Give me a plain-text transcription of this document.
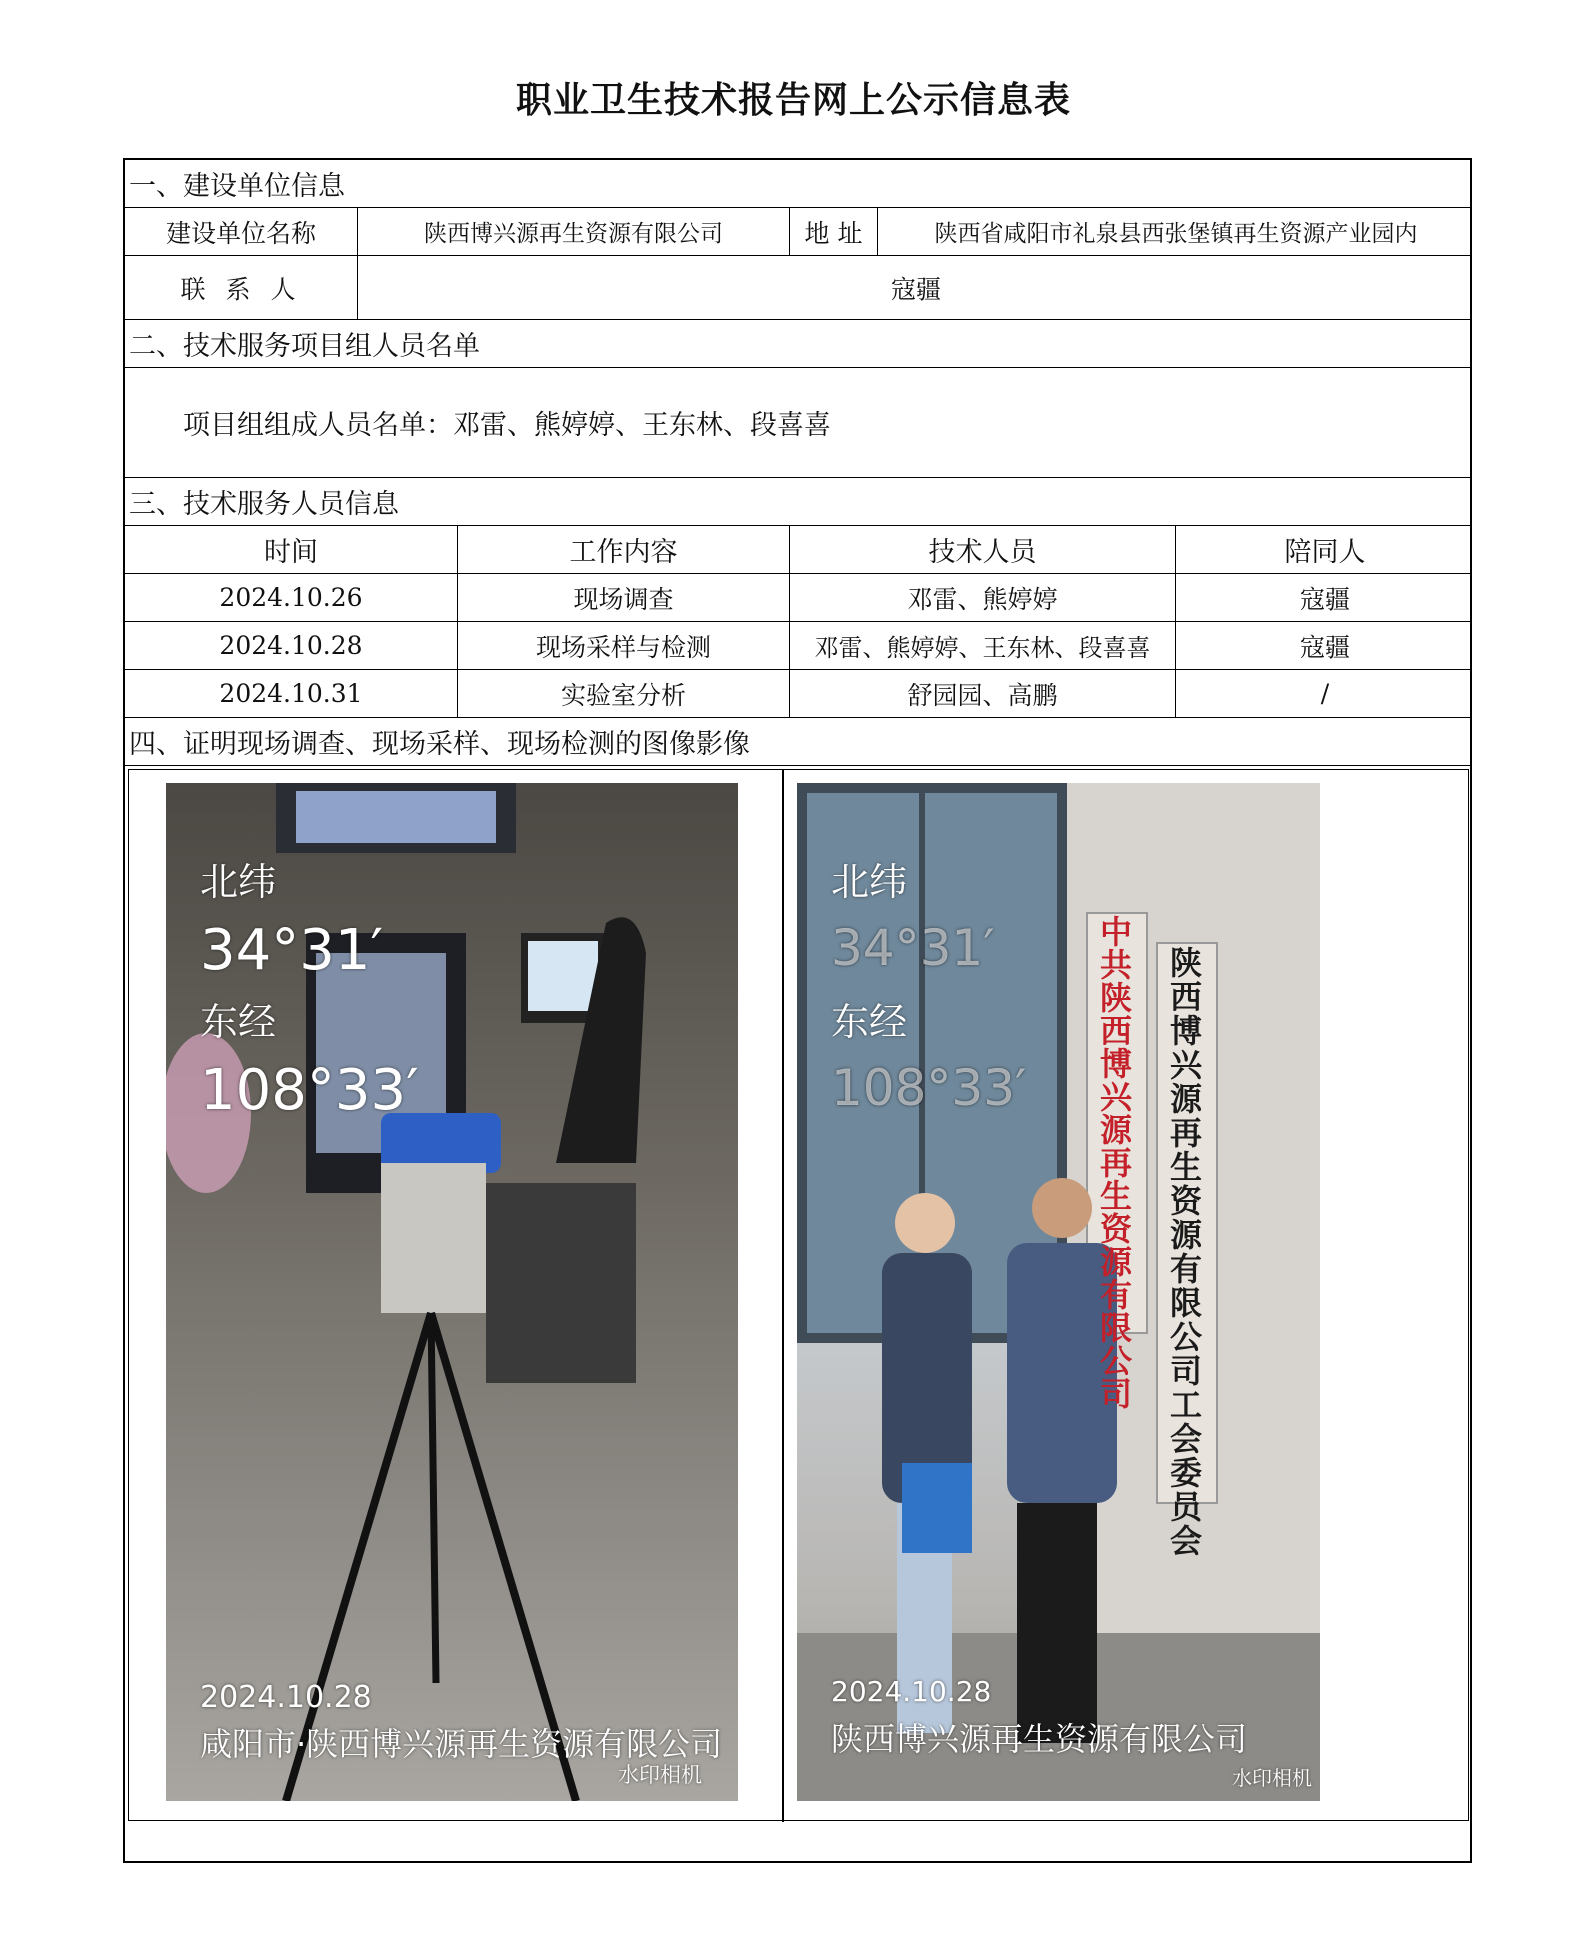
职业卫生技术报告网上公示信息表
一、建设单位信息
建设单位名称	陕西博兴源再生资源有限公司	地 址	陕西省咸阳市礼泉县西张堡镇再生资源产业园内
联 系 人	寇疆
二、技术服务项目组人员名单
项目组组成人员名单：邓雷、熊婷婷、王东林、段喜喜
三、技术服务人员信息
时间	工作内容	技术人员	陪同人
2024.10.26	现场调查	邓雷、熊婷婷	寇疆
2024.10.28	现场采样与检测	邓雷、熊婷婷、王东林、段喜喜	寇疆
2024.10.31	实验室分析	舒园园、高鹏	/
四、证明现场调查、现场采样、现场检测的图像影像
北纬
34°31′
东经
108°33′
2024.10.28
咸阳市·陕西博兴源再生资源有限公司
水印相机
中共陕西博兴源再生资源有限公司
陕西博兴源再生资源有限公司工会委员会
北纬
34°31′
东经
108°33′
2024.10.28
陕西博兴源再生资源有限公司
水印相机
